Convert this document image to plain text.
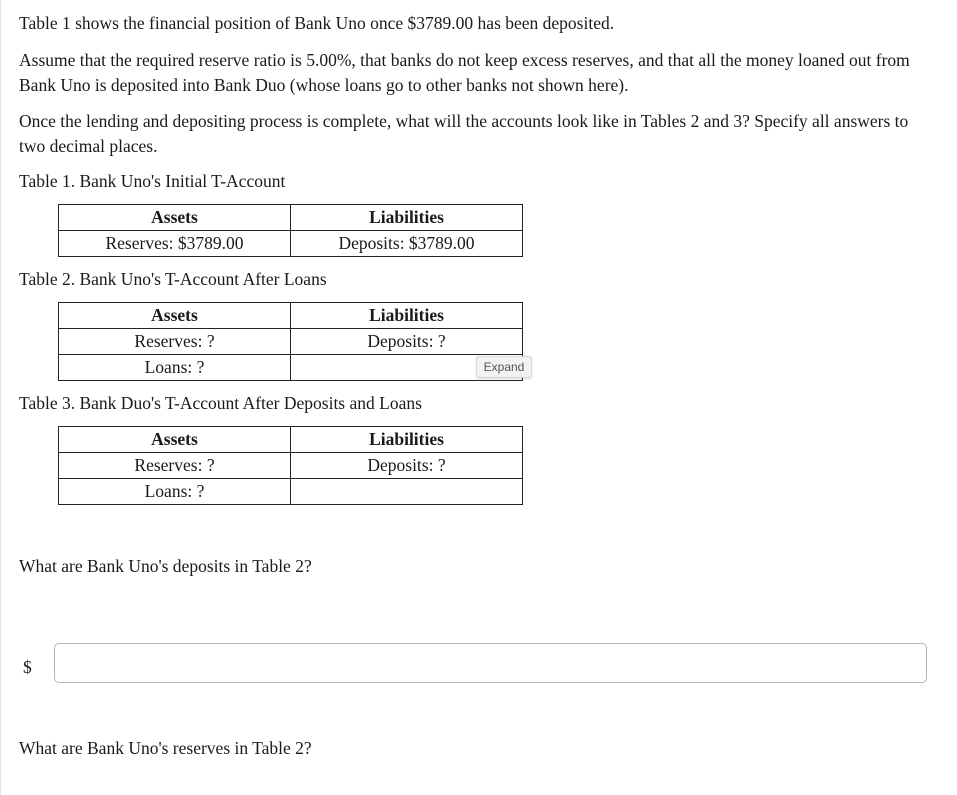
Table 1 shows the financial position of Bank Uno once $3789.00 has been deposited.

Assume that the required reserve ratio is 5.00%, that banks do not keep excess reserves, and that all the money loaned out from Bank Uno is deposited into Bank Duo (whose loans go to other banks not shown here).

Once the lending and depositing process is complete, what will the accounts look like in Tables 2 and 3? Specify all answers to two decimal places.

Table 1. Bank Uno's Initial T-Account

Assets	Liabilities
Reserves: $3789.00	Deposits: $3789.00

Table 2. Bank Uno's T-Account After Loans

Assets	Liabilities
Reserves: ?	Deposits: ?
Loans: ?		Expand

Table 3. Bank Duo's T-Account After Deposits and Loans

Assets	Liabilities
Reserves: ?	Deposits: ?
Loans: ?	

What are Bank Uno's deposits in Table 2?

$

What are Bank Uno's reserves in Table 2?
